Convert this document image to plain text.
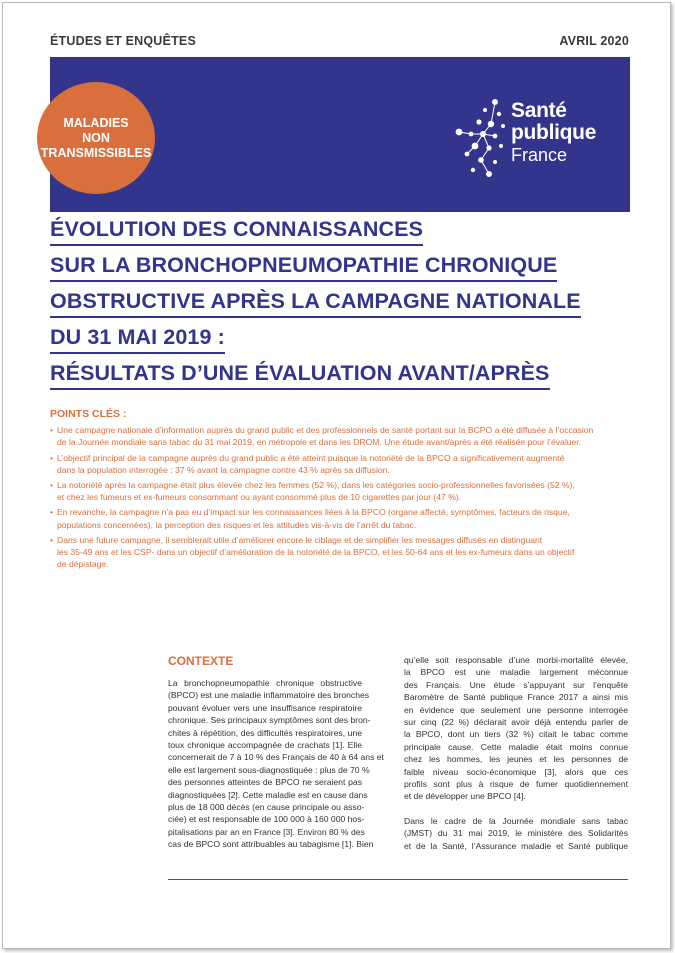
ÉTUDES ET ENQUÊTES	AVRIL 2020
MALADIES
NON
TRANSMISSIBLES
Santé
publique
France
ÉVOLUTION DES CONNAISSANCES
SUR LA BRONCHOPNEUMOPATHIE CHRONIQUE
OBSTRUCTIVE APRÈS LA CAMPAGNE NATIONALE
DU 31 MAI 2019 :
RÉSULTATS D’UNE ÉVALUATION AVANT/APRÈS
POINTS CLÉS :
• Une campagne nationale d’information auprès du grand public et des professionnels de santé portant sur la BCPO a été diffusée à l’occasion
de la Journée mondiale sans tabac du 31 mai 2019, en métropole et dans les DROM. Une étude avant/après a été réalisée pour l’évaluer.
• L’objectif principal de la campagne auprès du grand public a été atteint puisque la notoriété de la BPCO a significativement augmenté
dans la population interrogée : 37 % avant la campagne contre 43 % après sa diffusion.
• La notoriété après la campagne était plus élevée chez les femmes (52 %), dans les catégories socio-professionnelles favorisées (52 %),
et chez les fumeurs et ex-fumeurs consommant ou ayant consommé plus de 10 cigarettes par jour (47 %).
• En revanche, la campagne n’a pas eu d’impact sur les connaissances liées à la BPCO (organe affecté, symptômes, facteurs de risque,
populations concernées), la perception des risques et les attitudes vis-à-vis de l’arrêt du tabac.
• Dans une future campagne, il semblerait utile d’améliorer encore le ciblage et de simplifier les messages diffusés en distinguant
les 35-49 ans et les CSP- dans un objectif d’amélioration de la notoriété de la BPCO, et les 50-64 ans et les ex-fumeurs dans un objectif
de dépistage.
CONTEXTE
La bronchopneumopathie chronique obstructive
(BPCO) est une maladie inflammatoire des bronches
pouvant évoluer vers une insuffisance respiratoire
chronique. Ses principaux symptômes sont des bron-
chites à répétition, des difficultés respiratoires, une
toux chronique accompagnée de crachats [1]. Elle
concernerait de 7 à 10 % des Français de 40 à 64 ans et
elle est largement sous-diagnostiquée : plus de 70 %
des personnes atteintes de BPCO ne seraient pas
diagnostiquées [2]. Cette maladie est en cause dans
plus de 18 000 décès (en cause principale ou asso-
ciée) et est responsable de 100 000 à 160 000 hos-
pitalisations par an en France [3]. Environ 80 % des
cas de BPCO sont attribuables au tabagisme [1]. Bien
qu’elle soit responsable d’une morbi-mortalité élevée,
la BPCO est une maladie largement méconnue
des Français. Une étude s’appuyant sur l’enquête
Baromètre de Santé publique France 2017 a ainsi mis
en évidence que seulement une personne interrogée
sur cinq (22 %) déclarait avoir déjà entendu parler de
la BPCO, dont un tiers (32 %) citait le tabac comme
principale cause. Cette maladie était moins connue
chez les hommes, les jeunes et les personnes de
faible niveau socio-économique [3], alors que ces
profils sont plus à risque de fumer quotidiennement
et de développer une BPCO [4].
Dans le cadre de la Journée mondiale sans tabac
(JMST) du 31 mai 2019, le ministère des Solidarités
et de la Santé, l’Assurance maladie et Santé publique
